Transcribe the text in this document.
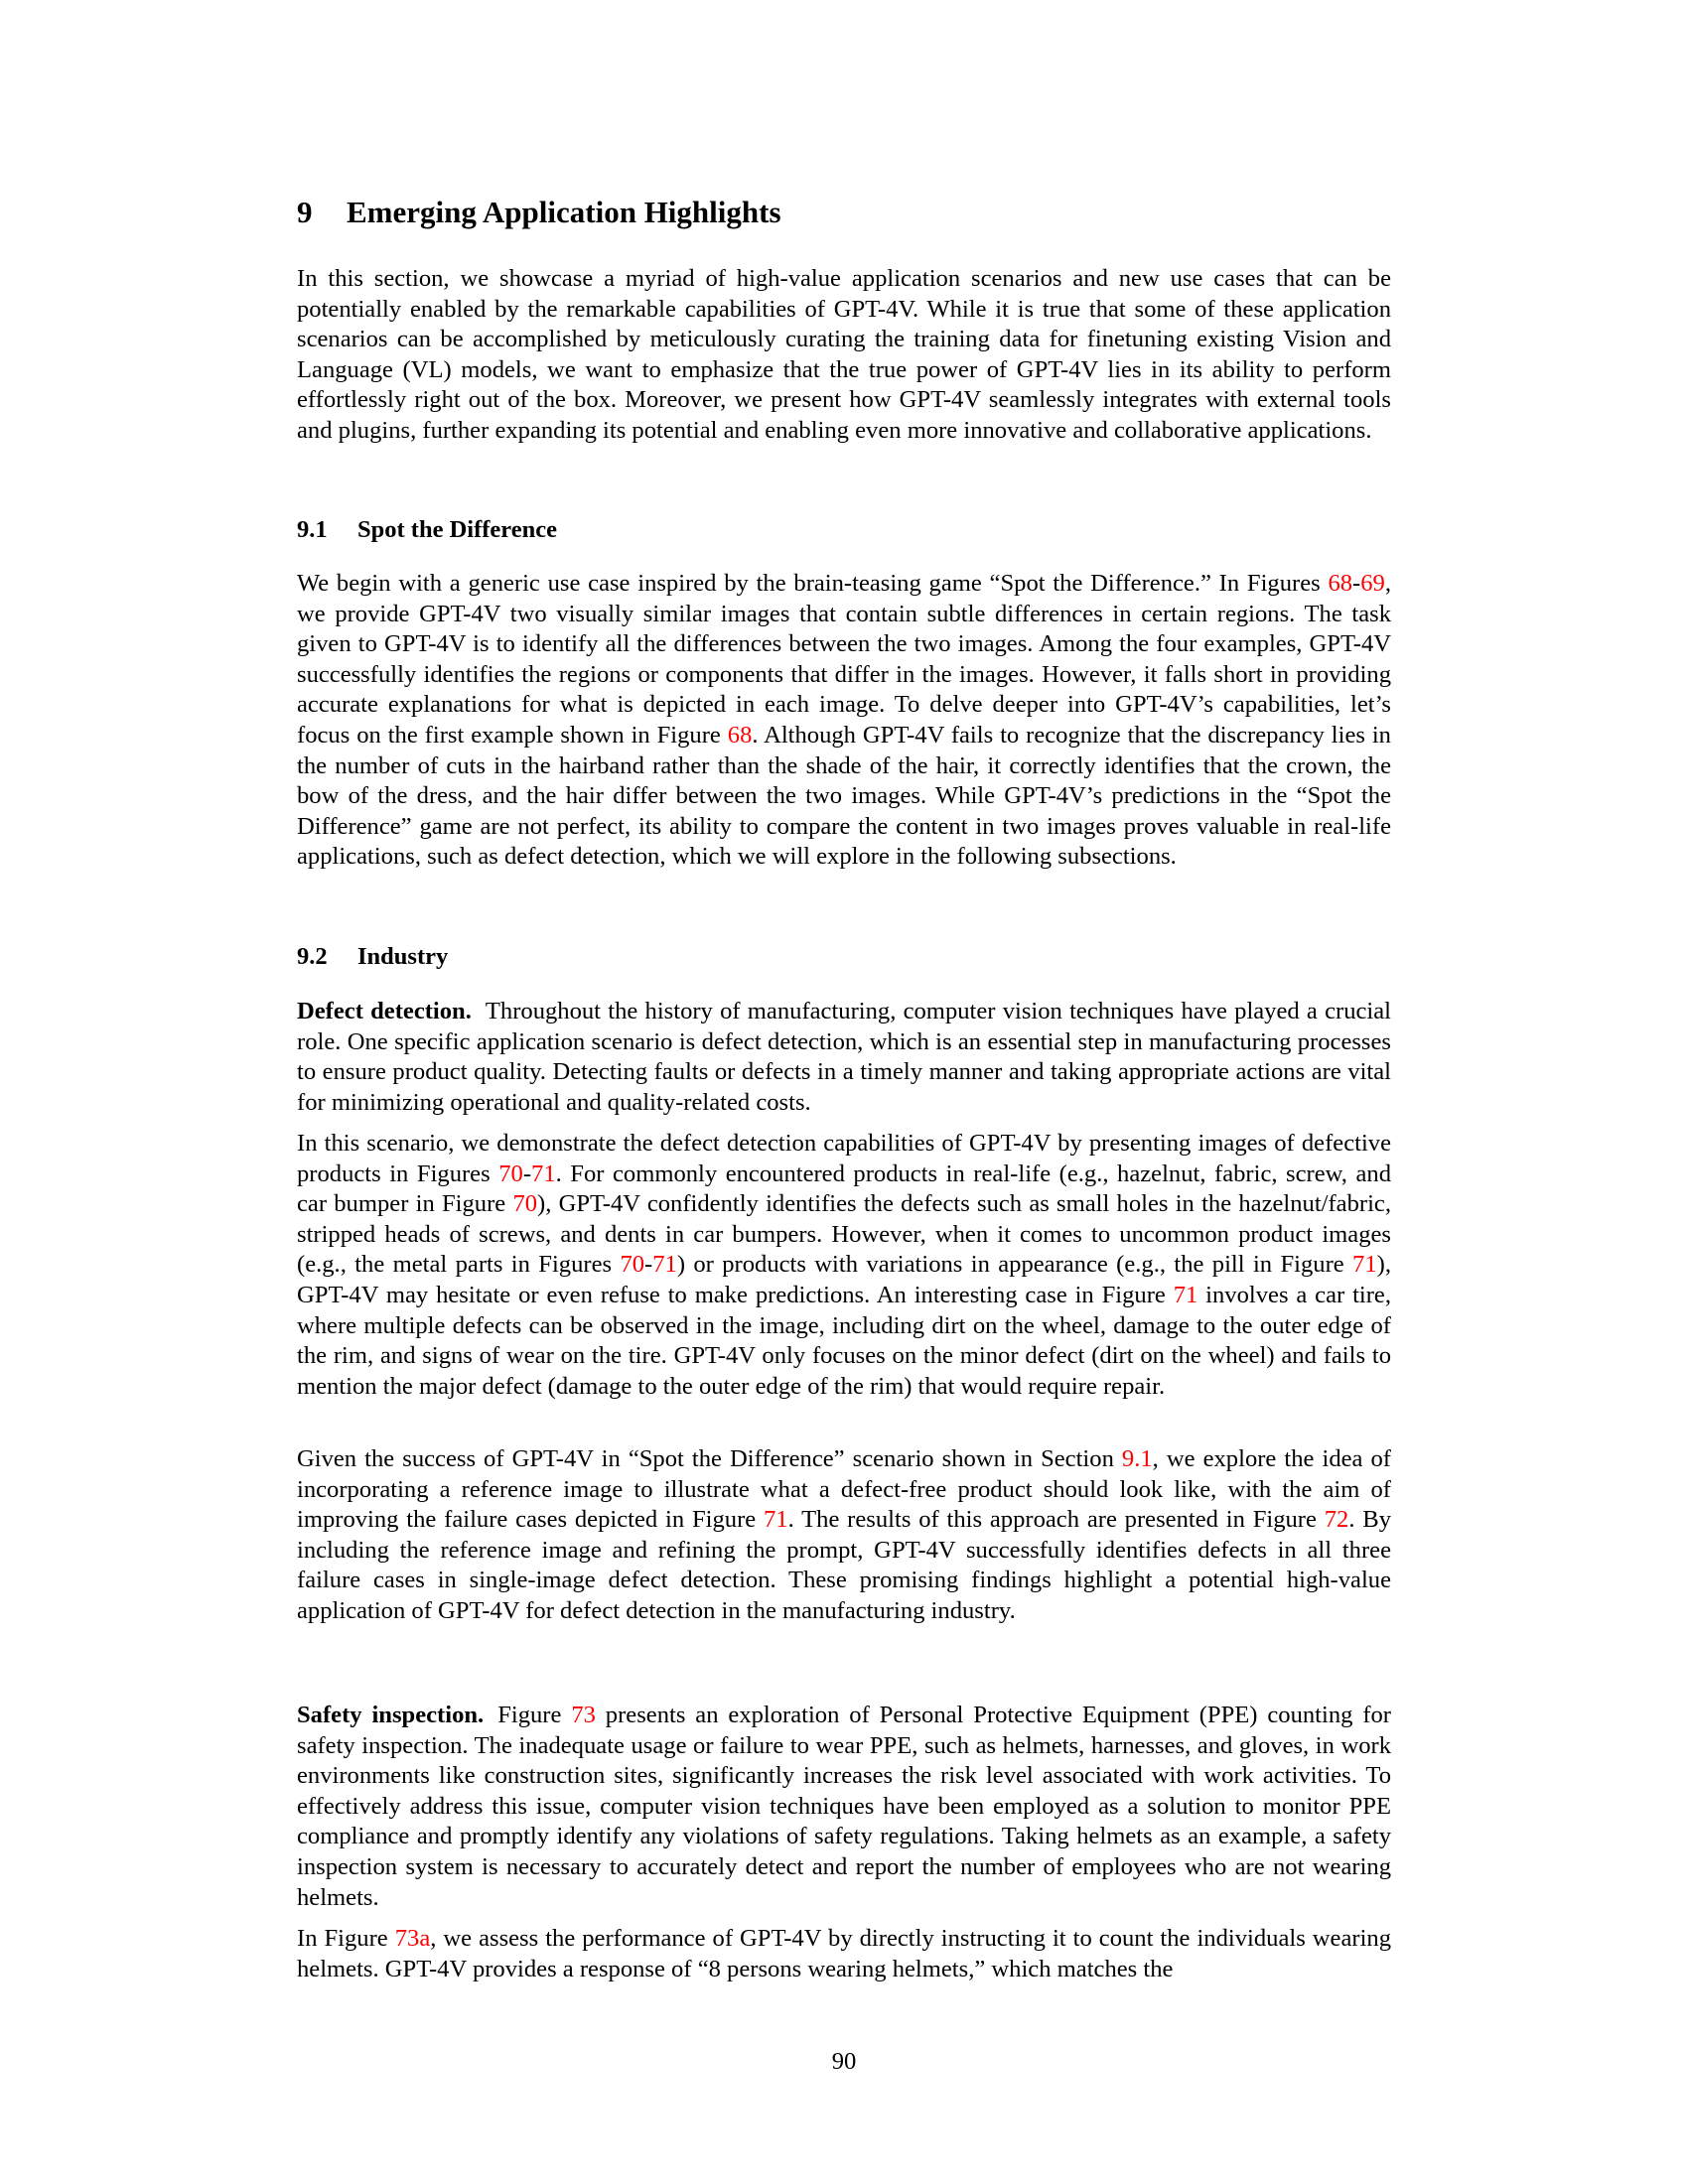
9 Emerging Application Highlights
In this section, we showcase a myriad of high-value application scenarios and new use cases that can be potentially enabled by the remarkable capabilities of GPT-4V. While it is true that some of these application scenarios can be accomplished by meticulously curating the training data for finetuning existing Vision and Language (VL) models, we want to emphasize that the true power of GPT-4V lies in its ability to perform effortlessly right out of the box. Moreover, we present how GPT-4V seamlessly integrates with external tools and plugins, further expanding its potential and enabling even more innovative and collaborative applications.
9.1 Spot the Difference
We begin with a generic use case inspired by the brain-teasing game “Spot the Difference.” In Figures 68-69, we provide GPT-4V two visually similar images that contain subtle differences in certain regions. The task given to GPT-4V is to identify all the differences between the two images. Among the four examples, GPT-4V successfully identifies the regions or components that differ in the images. However, it falls short in providing accurate explanations for what is depicted in each image. To delve deeper into GPT-4V’s capabilities, let’s focus on the first example shown in Figure 68. Although GPT-4V fails to recognize that the discrepancy lies in the number of cuts in the hairband rather than the shade of the hair, it correctly identifies that the crown, the bow of the dress, and the hair differ between the two images. While GPT-4V’s predictions in the “Spot the Difference” game are not perfect, its ability to compare the content in two images proves valuable in real-life applications, such as defect detection, which we will explore in the following subsections.
9.2 Industry
Defect detection. Throughout the history of manufacturing, computer vision techniques have played a crucial role. One specific application scenario is defect detection, which is an essential step in manufacturing processes to ensure product quality. Detecting faults or defects in a timely manner and taking appropriate actions are vital for minimizing operational and quality-related costs.
In this scenario, we demonstrate the defect detection capabilities of GPT-4V by presenting images of defective products in Figures 70-71. For commonly encountered products in real-life (e.g., hazelnut, fabric, screw, and car bumper in Figure 70), GPT-4V confidently identifies the defects such as small holes in the hazelnut/fabric, stripped heads of screws, and dents in car bumpers. However, when it comes to uncommon product images (e.g., the metal parts in Figures 70-71) or products with variations in appearance (e.g., the pill in Figure 71), GPT-4V may hesitate or even refuse to make predictions. An interesting case in Figure 71 involves a car tire, where multiple defects can be observed in the image, including dirt on the wheel, damage to the outer edge of the rim, and signs of wear on the tire. GPT-4V only focuses on the minor defect (dirt on the wheel) and fails to mention the major defect (damage to the outer edge of the rim) that would require repair.
Given the success of GPT-4V in “Spot the Difference” scenario shown in Section 9.1, we explore the idea of incorporating a reference image to illustrate what a defect-free product should look like, with the aim of improving the failure cases depicted in Figure 71. The results of this approach are presented in Figure 72. By including the reference image and refining the prompt, GPT-4V successfully identifies defects in all three failure cases in single-image defect detection. These promising findings highlight a potential high-value application of GPT-4V for defect detection in the manufacturing industry.
Safety inspection. Figure 73 presents an exploration of Personal Protective Equipment (PPE) counting for safety inspection. The inadequate usage or failure to wear PPE, such as helmets, harnesses, and gloves, in work environments like construction sites, significantly increases the risk level associated with work activities. To effectively address this issue, computer vision techniques have been employed as a solution to monitor PPE compliance and promptly identify any violations of safety regulations. Taking helmets as an example, a safety inspection system is necessary to accurately detect and report the number of employees who are not wearing helmets.
In Figure 73a, we assess the performance of GPT-4V by directly instructing it to count the individuals wearing helmets. GPT-4V provides a response of “8 persons wearing helmets,” which matches the
90
